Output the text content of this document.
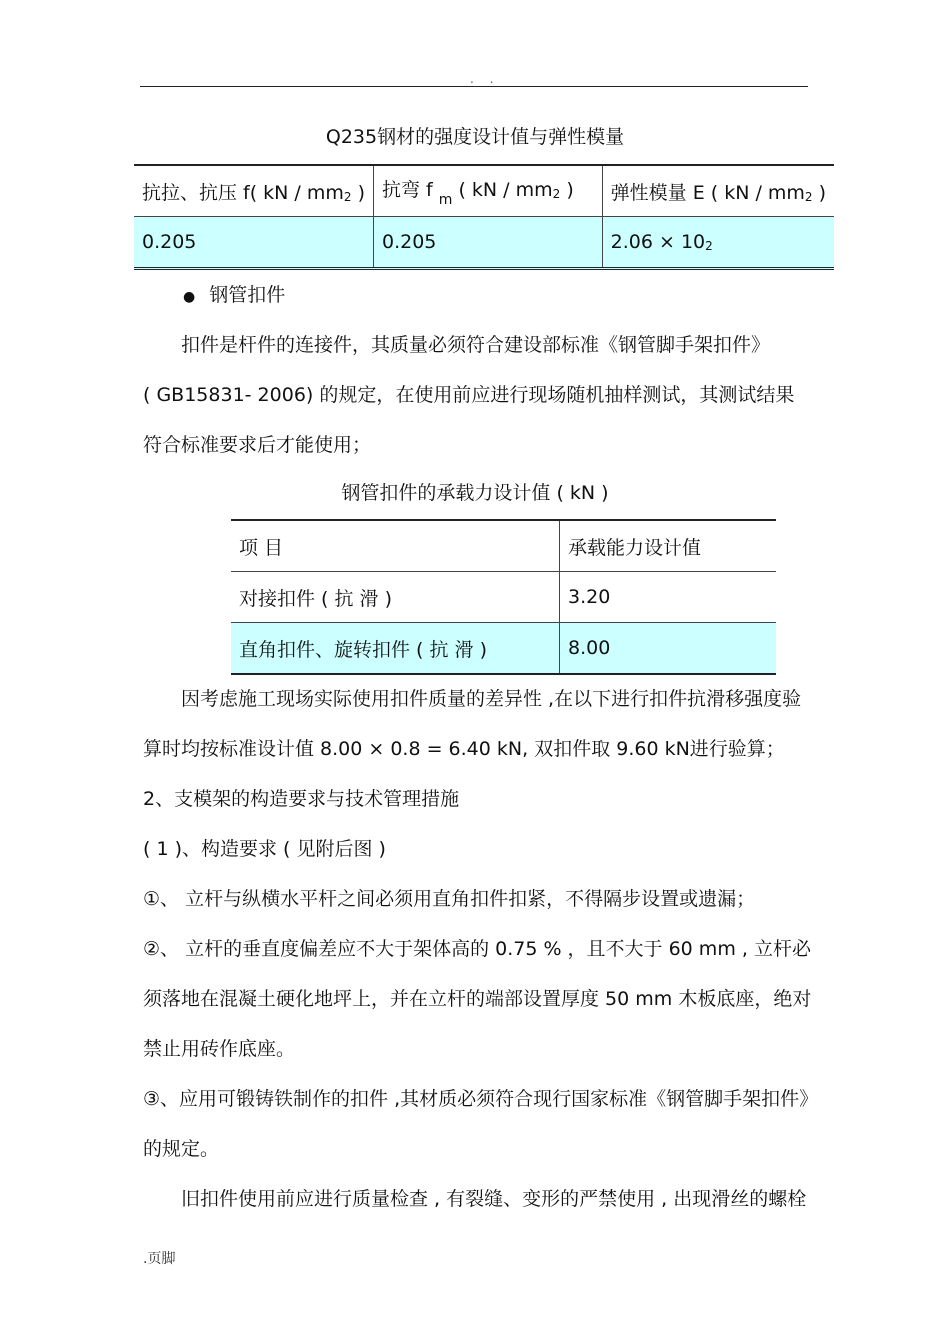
. .
Q235钢材的强度设计值与弹性模量
抗拉、抗压 f( kN / $mm_2$ )	抗弯 f $_m$ ( kN / $mm_2$ )	弹性模量 E ( kN / $mm_2$ )
0.205	0.205	$2.06 \times 10_2$
● 钢管扣件
扣件是杆件的连接件，其质量必须符合建设部标准《钢管脚手架扣件》
( GB15831- 2006) 的规定，在使用前应进行现场随机抽样测试，其测试结果
符合标准要求后才能使用；
钢管扣件的承载力设计值 ( kN )
项 目	承载能力设计值
对接扣件 ( 抗 滑 )	3.20
直角扣件、旋转扣件 ( 抗 滑 )	8.00
因考虑施工现场实际使用扣件质量的差异性 ,在以下进行扣件抗滑移强度验
算时均按标准设计值 8.00 × 0.8 = 6.40 kN, 双扣件取 9.60 kN进行验算；
2、支模架的构造要求与技术管理措施
( 1 )、构造要求 ( 见附后图 )
①、 立杆与纵横水平杆之间必须用直角扣件扣紧，不得隔步设置或遗漏；
②、 立杆的垂直度偏差应不大于架体高的 0.75 % ，且不大于 60 mm , 立杆必
须落地在混凝土硬化地坪上，并在立杆的端部设置厚度 50 mm 木板底座，绝对
禁止用砖作底座。
③、应用可锻铸铁制作的扣件 ,其材质必须符合现行国家标准《钢管脚手架扣件》
的规定。
旧扣件使用前应进行质量检查 , 有裂缝、变形的严禁使用 , 出现滑丝的螺栓
.页脚
